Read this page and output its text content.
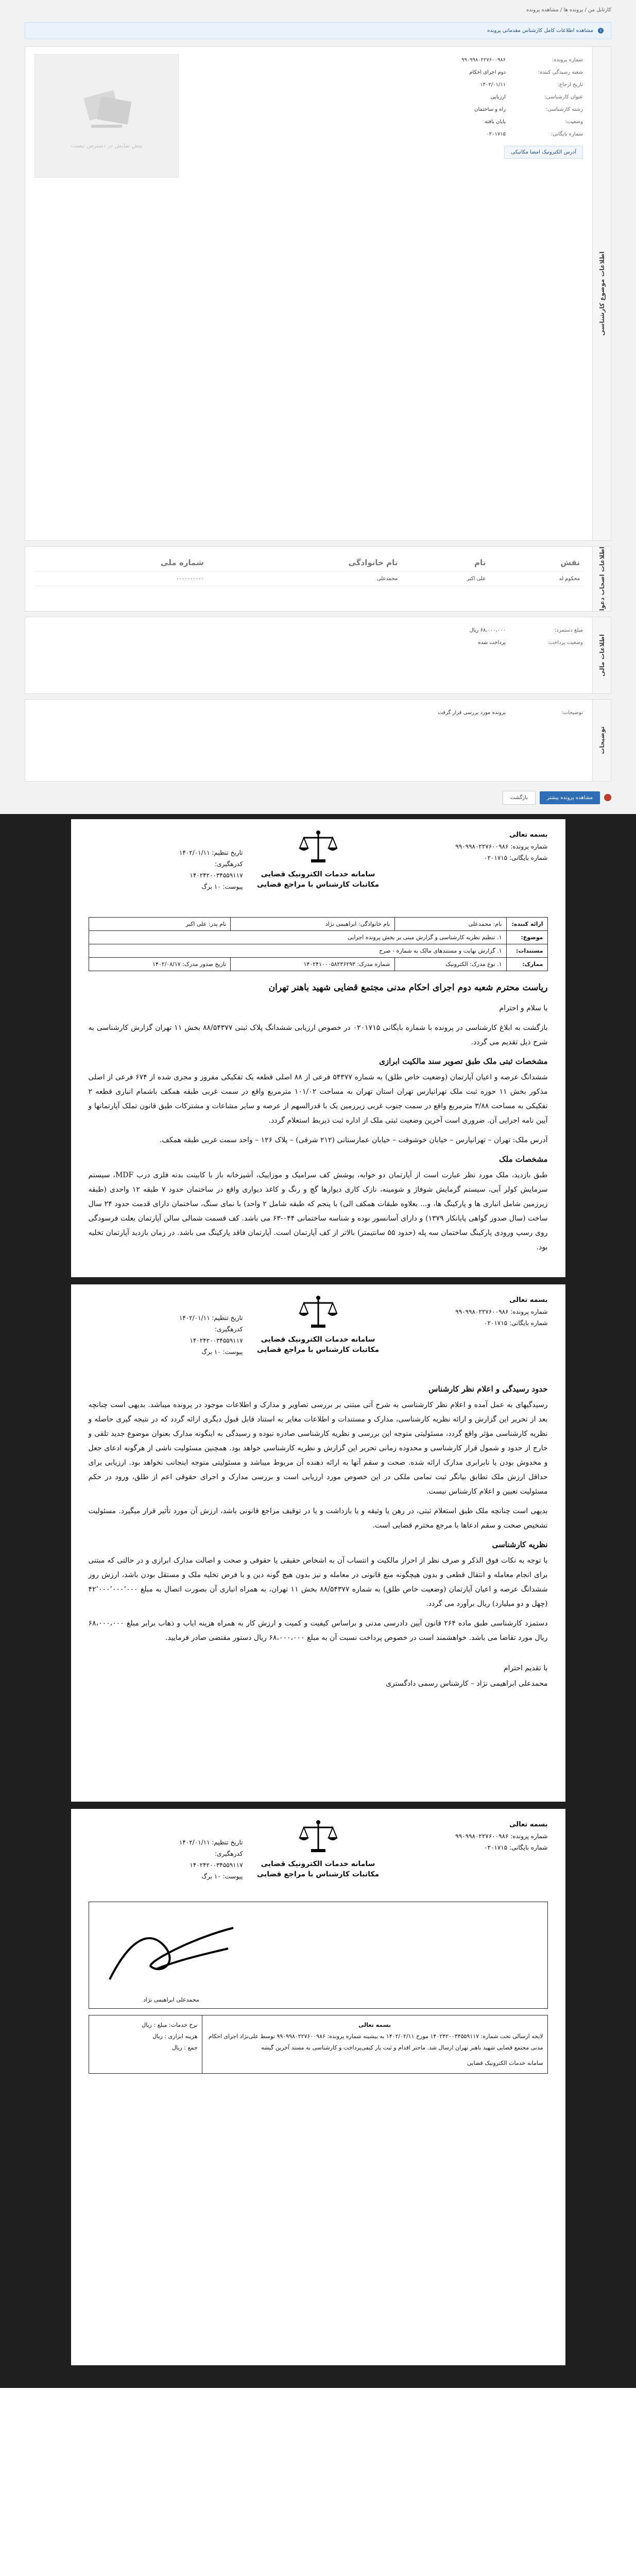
کارتابل من / پرونده ها / مشاهده پرونده
i مشاهده اطلاعات کامل کارشناس مقدماتی پرونده
اطلاعات موضوع کارشناسی
شماره پرونده:
۹۹۰۹۹۸۰۲۲۷۶۰۰۹۸۶
شعبه رسیدگی کننده:
دوم اجرای احکام
تاریخ ارجاع:
۱۴۰۲/۰۱/۱۱
عنوان کارشناسی:
ارزیابی
رشته کارشناسی:
راه و ساختمان
وضعیت:
پایان یافته
شماره بایگانی:
۰۲۰۱۷۱۵
آدرس الکترونیک امضا مکانیکی
پیش نمایش در دسترس نیست
اطلاعات اصحاب دعوا
نقش	نام	نام خانوادگی	شماره ملی
محکوم له	علی اکبر	محمدعلی	۰۰۰۰۰۰۰۰۰۰
اطلاعات مالی
مبلغ دستمزد:
۶۸،۰۰۰،۰۰۰ ریال
وضعیت پرداخت:
پرداخت شده
توضیحات
توضیحات:
پرونده مورد بررسی قرار گرفت
مشاهده پرونده بیشتر
بازگشت
بسمه تعالی
شماره پرونده: ۹۹۰۹۹۸۰۲۲۷۶۰۰۹۸۶
شماره بایگانی: ۰۲۰۱۷۱۵
سامانه خدمات الکترونیک قضایی
مکاتبات کارشناس با مراجع قضایی
تاریخ تنظیم: ۱۴۰۲/۰۱/۱۱
کدرهگیری:
۱۴۰۲۴۲۰۰۳۴۵۵۹۱۱۷
پیوست: ۱۰ برگ
ارائه کننده:	نام: محمدعلی	نام خانوادگی: ابراهیمی نژاد	نام پدر: علی اکبر
موضوع:	۱. تنظیم نظریه کارشناسی و گزارش مبنی بر بخش پرونده اجرایی		
مستندات:	۱. گزارش نهایت و مستندهای مالک به شماره - صرح		
ممارک:	۱. نوع مدرک: الکترونیک	شماره مدرک: ۱۴۰۲۴۱۰۰۰۵۸۲۳۶۲۹۳	تاریخ صدور مدرک: ۱۴۰۲/۰۸/۱۷
ریاست محترم شعبه دوم اجرای احکام مدنی مجتمع قضایی شهید باهنر تهران
با سلام و احترام
بازگشت به ابلاغ کارشناسی در پرونده با شماره بایگانی ۰۲۰۱۷۱۵ در خصوص ارزیابی ششدانگ پلاک ثبتی ۸۸/۵۴۳۷۷ بخش ۱۱ تهران گزارش کارشناسی به شرح ذیل تقدیم می گردد.
مشخصات ثبتی ملک طبق تصویر سند مالکیت ابرازی
ششدانگ عرصه و اعیان آپارتمان (وضعیت خاص طلق) به شماره ۵۴۳۷۷ فرعی از ۸۸ اصلی قطعه یک تفکیکی مفروز و مجزی شده از ۶۷۴ فرعی از اصلی مذکور بخش ۱۱ حوزه ثبت ملک تهرانپارس تهران استان تهران به مساحت ۱۰۱/۰۲ مترمربع واقع در سمت غربی طبقه همکف باشمام انباری قطعه ۲ تفکیکی به مساحت ۳/۸۸ مترمربع واقع در سمت جنوب غربی زیرزمین یک با قدرالسهم از عرصه و سایر مشاعات و مشترکات طبق قانون تملک آپارتمانها و آیین نامه اجرایی آن. ضروری است آخرین وضعیت ثبتی ملک از اداره ثبت ذیربط استعلام گردد.
آدرس ملک: تهران – تهرانپارس – خیابان خوشوقت – خیابان عمارستانی (۲۱۲ شرقی) – پلاک ۱۲۶ – واحد سمت غربی طبقه همکف.
مشخصات ملک
طبق بازدید، ملک مورد نظر عبارت است از آپارتمان دو خوابه، پوشش کف سرامیک و موزاییک، آشپزخانه باز با کابینت بدنه فلزی درب MDF، سیستم سرمایش کولر آبی، سیستم گرمایش شوفاژ و شومینه، نازک کاری دیوارها گچ و رنگ و کاغذ دیواری واقع در ساختمان حدود ۷ طبقه ۱۲ واحدی (طبقه زیرزمین شامل انباری ها و پارکینگ ها، و... بعلاوه طبقات همکف الی) با پنجم که طبقه شامل ۲ واحد) با نمای سنگ، ساختمان دارای قدمت حدود ۲۴ سال ساخت (سال صدور گواهی پایانکار ۱۳۷۹) و دارای آسانسور بوده و شناسه ساختمانی ۰۴۴-۶۳ می باشد. کف قسمت شمالی سالن آپارتمان بعلت فرسودگی روی رسپ ورودی پارکینگ ساختمان سه پله (حدود ۵۵ سانتیمتر) بالاتر از کف آپارتمان است. آپارتمان فاقد پارکینگ می باشد. در زمان بازدید آپارتمان تخلیه بود.
بسمه تعالی
شماره پرونده: ۹۹۰۹۹۸۰۲۲۷۶۰۰۹۸۶
شماره بایگانی: ۰۲۰۱۷۱۵
سامانه خدمات الکترونیک قضایی
مکاتبات کارشناس با مراجع قضایی
تاریخ تنظیم: ۱۴۰۲/۰۱/۱۱
کدرهگیری:
۱۴۰۲۴۲۰۰۳۴۵۵۹۱۱۷
پیوست: ۱۰ برگ
حدود رسیدگی و اعلام نظر کارشناس
رسیدگیهای به عمل آمده و اعلام نظر کارشناسی به شرح آتی مبتنی بر بررسی تصاویر و مدارک و اطلاعات موجود در پرونده میباشد. بدیهی است چنانچه بعد از تحریر این گزارش و ارائه نظریه کارشناسی، مدارک و مستندات و اطلاعات مغایر به استناد قابل قبول دیگری ارائه گردد که در نتیجه گیری حاصله و نظریه کارشناسی مؤثر واقع گردد، مسئولیتی متوجه این بررسی و نظریه کارشناسی صادره نبوده و رسیدگی به اینگونه مدارک بعنوان موضوع جدید تلقی و خارج از حدود و شمول قرار کارشناسی و محدوده زمانی تحریر این گزارش و نظریه کارشناسی خواهد بود. همچنین مسئولیت ناشی از هرگونه ادعای جعل و مخدوش بودن یا نابرابری مدارک ارائه شده. صحت و سقم آنها به ارائه دهنده آن مربوط میباشد و مسئولیتی متوجه اینجانب نخواهد بود. ارزیابی برای حداقل ارزش ملک تطابق بیانگر ثبت تمامی ملکی در این خصوص مورد ارزیابی است و بررسی مدارک و اجرای حقوقی اعم از طلق، ورود در حکم مسئولیت تعیین و اعلام کارشناس نیست.
بدیهی است چنانچه ملک طبق استعلام ثبتی، در رهن یا وثیقه و یا بازداشت و یا در توقیف مراجع قانونی باشد، ارزش آن مورد تأثیر قرار میگیرد. مسئولیت تشخیص صحت و سقم ادعاها با مرجع محترم قضایی است.
نظریه کارشناسی
با توجه به نکات فوق الذکر و صرف نظر از احراز مالکیت و انتساب آن به اشخاص حقیقی یا حقوقی و صحت و اصالت مدارک ابرازی و در حالتی که مبتنی برای انجام معامله و انتقال قطعی و بدون هیچگونه منع قانونی در معامله و نیز بدون هیچ گونه دین و با فرض تخلیه ملک و مستقل بودن باشد، ارزش روز ششدانگ عرصه و اعیان آپارتمان (وضعیت خاص طلق) به شماره ۸۸/۵۴۳۷۷ بخش ۱۱ تهران، به همراه انباری آن بصورت اتصال به مبلغ ۴۲٬۰۰۰٬۰۰۰٬۰۰۰ (چهل و دو میلیارد) ریال برآورد می گردد.
دستمزد کارشناسی طبق ماده ۲۶۴ قانون آیین دادرسی مدنی و براساس کیفیت و کمیت و ارزش کار به همراه هزینه ایاب و ذهاب برابر مبلغ ۶۸،۰۰۰،۰۰۰ ریال مورد تقاضا می باشد. خواهشمند است در خصوص پرداخت نسبت آن به مبلغ ۶۸،۰۰۰،۰۰۰ ریال دستور مقتضی صادر فرمایید.
با تقدیم احترام
محمدعلی ابراهیمی نژاد – کارشناس رسمی دادگستری
بسمه تعالی
شماره پرونده: ۹۹۰۹۹۸۰۲۲۷۶۰۰۹۸۶
شماره بایگانی: ۰۲۰۱۷۱۵
سامانه خدمات الکترونیک قضایی
مکاتبات کارشناس با مراجع قضایی
تاریخ تنظیم: ۱۴۰۲/۰۱/۱۱
کدرهگیری:
۱۴۰۲۴۲۰۰۳۴۵۵۹۱۱۷
پیوست: ۱۰ برگ
محمدعلی ابراهیمی نژاد
بسمه تعالی
لایحه ارسالی تحت شماره: ۱۴۰۲۴۲۰۰۳۴۵۵۹۱۱۷ مورخ ۱۴۰۲/۰۲/۱۱ به بیشینه شماره پرونده: ۹۹۰۹۹۸۰۲۲۷۶۰۰۹۸۶ توسط علی‌نژاد اجرای احکام مدنی مجتمع قضایی شهید باهنر تهران ارسال شد. ماحتر اقدام و ثبت یار کیفی‌پرداخت و کارشناسی به مستد آخرین گیشه
سامانه خدمات الکترونیک قضایی

نرخ خدمات: مبلغ : ریال
هزینه ابزاری : ریال
جمع : ریال
